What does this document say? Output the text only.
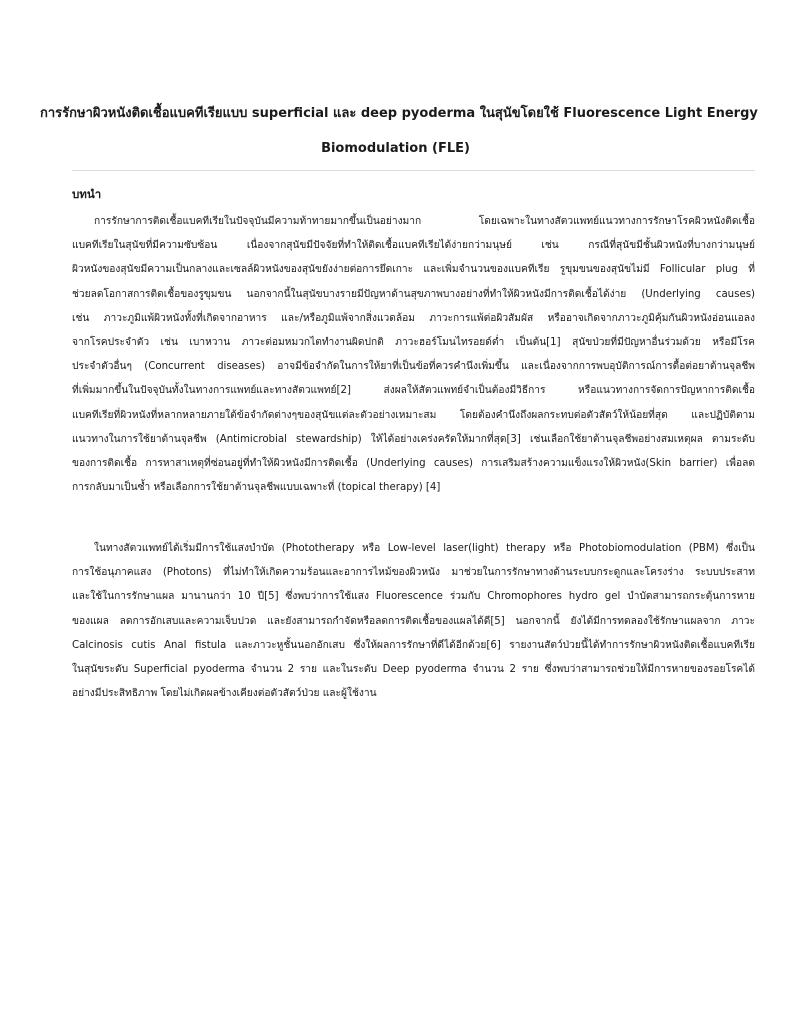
การรักษาผิวหนังติดเชื้อแบคทีเรียแบบ superficial และ deep pyoderma ในสุนัขโดยใช้ Fluorescence Light Energy
Biomodulation (FLE)
บทนำ
การรักษาการติดเชื้อแบคทีเรียในปัจจุบันมีความท้าทายมากขึ้นเป็นอย่างมาก โดยเฉพาะในทางสัตวแพทย์แนวทางการรักษาโรคผิวหนังติดเชื้อ
แบคทีเรียในสุนัขที่มีความซับซ้อน เนื่องจากสุนัขมีปัจจัยที่ทำให้ติดเชื้อแบคทีเรียได้ง่ายกว่ามนุษย์ เช่น กรณีที่สุนัขมีชั้นผิวหนังที่บางกว่ามนุษย์
ผิวหนังของสุนัขมีความเป็นกลางและเซลล์ผิวหนังของสุนัขยังง่ายต่อการยึดเกาะ และเพิ่มจำนวนของแบคทีเรีย รูขุมขนของสุนัขไม่มี Follicular plug ที่
ช่วยลดโอกาสการติดเชื้อของรูขุมขน นอกจากนี้ในสุนัขบางรายมีปัญหาด้านสุขภาพบางอย่างที่ทำให้ผิวหนังมีการติดเชื้อได้ง่าย (Underlying causes)
เช่น ภาวะภูมิแพ้ผิวหนังทั้งที่เกิดจากอาหาร และ/หรือภูมิแพ้จากสิ่งแวดล้อม ภาวะการแพ้ต่อผิวสัมผัส หรืออาจเกิดจากภาวะภูมิคุ้มกันผิวหนังอ่อนแอลง
จากโรคประจำตัว เช่น เบาหวาน ภาวะต่อมหมวกไตทำงานผิดปกติ ภาวะฮอร์โมนไทรอยด์ต่ำ เป็นต้น[1] สุนัขป่วยที่มีปัญหาอื่นร่วมด้วย หรือมีโรค
ประจำตัวอื่นๆ (Concurrent diseases) อาจมีข้อจำกัดในการให้ยาที่เป็นข้อที่ควรคำนึงเพิ่มขึ้น และเนื่องจากการพบอุบัติการณ์การดื้อต่อยาต้านจุลชีพ
ที่เพิ่มมากขึ้นในปัจจุบันทั้งในทางการแพทย์และทางสัตวแพทย์[2] ส่งผลให้สัตวแพทย์จำเป็นต้องมีวิธีการ หรือแนวทางการจัดการปัญหาการติดเชื้อ
แบคทีเรียที่ผิวหนังที่หลากหลายภายใต้ข้อจำกัดต่างๆของสุนัขแต่ละตัวอย่างเหมาะสม โดยต้องคำนึงถึงผลกระทบต่อตัวสัตว์ให้น้อยที่สุด และปฏิบัติตาม
แนวทางในการใช้ยาต้านจุลชีพ (Antimicrobial stewardship) ให้ได้อย่างเคร่งครัดให้มากที่สุด[3] เช่นเลือกใช้ยาต้านจุลชีพอย่างสมเหตุผล ตามระดับ
ของการติดเชื้อ การหาสาเหตุที่ซ่อนอยู่ที่ทำให้ผิวหนังมีการติดเชื้อ (Underlying causes) การเสริมสร้างความแข็งแรงให้ผิวหนัง(Skin barrier) เพื่อลด
การกลับมาเป็นซ้ำ หรือเลือกการใช้ยาต้านจุลชีพแบบเฉพาะที่ (topical therapy) [4]
ในทางสัตวแพทย์ได้เริ่มมีการใช้แสงบำบัด (Phototherapy หรือ Low-level laser(light) therapy หรือ Photobiomodulation (PBM) ซึ่งเป็น
การใช้อนุภาคแสง (Photons) ที่ไม่ทำให้เกิดความร้อนและอาการไหม้ของผิวหนัง มาช่วยในการรักษาทางด้านระบบกระดูกและโครงร่าง ระบบประสาท
และใช้ในการรักษาแผล มานานกว่า 10 ปี[5] ซึ่งพบว่าการใช้แสง Fluorescence ร่วมกับ Chromophores hydro gel บำบัดสามารถกระตุ้นการหาย
ของแผล ลดการอักเสบและความเจ็บปวด และยังสามารถกำจัดหรือลดการติดเชื้อของแผลได้ดี[5] นอกจากนี้ ยังได้มีการทดลองใช้รักษาแผลจาก ภาวะ
Calcinosis cutis Anal fistula และภาวะหูชั้นนอกอักเสบ ซึ่งให้ผลการรักษาที่ดีได้อีกด้วย[6] รายงานสัตว์ป่วยนี้ได้ทำการรักษาผิวหนังติดเชื้อแบคทีเรีย
ในสุนัขระดับ Superficial pyoderma จำนวน 2 ราย และในระดับ Deep pyoderma จำนวน 2 ราย ซึ่งพบว่าสามารถช่วยให้มีการหายของรอยโรคได้
อย่างมีประสิทธิภาพ โดยไม่เกิดผลข้างเคียงต่อตัวสัตว์ป่วย และผู้ใช้งาน
